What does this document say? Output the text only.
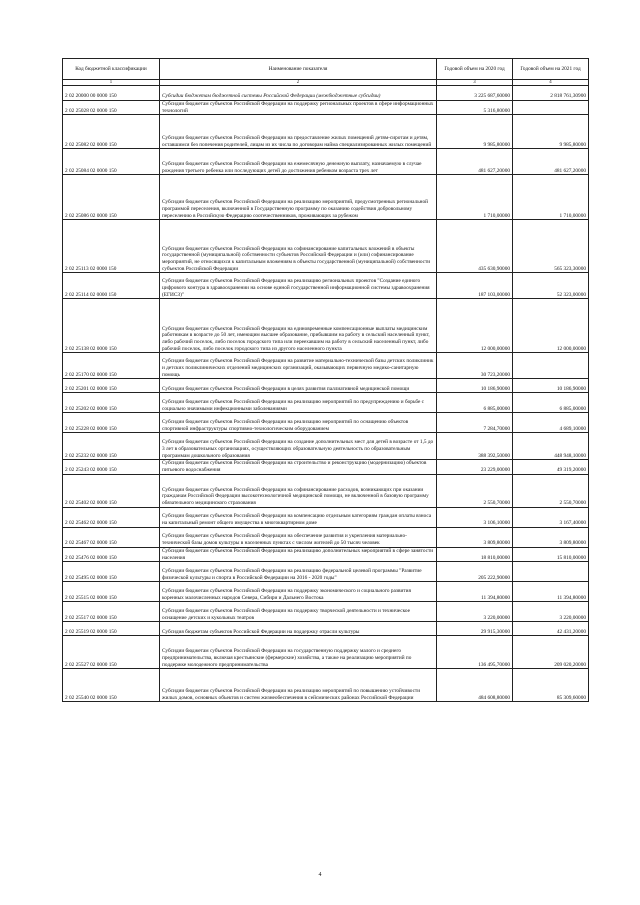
Код бюджетной классификации	Наименование показателя	Годовой объем на 2020 год	Годовой объем на 2021 год
1	2	3	4
2 02 20000 00 0000 150	Субсидии бюджетам бюджетной системы Российской Федерации (межбюджетные субсидии)	3 225 687,60000	2 818 761,30900
2 02 25028 02 0000 150	Субсидии бюджетам субъектов Российской Федерации на поддержку региональных проектов в сфере информационных технологий	5 316,80000	
2 02 25082 02 0000 150	Субсидии бюджетам субъектов Российской Федерации на предоставление жилых помещений детям-сиротам и детям, оставшимся без попечения родителей, лицам из их числа по договорам найма специализированных жилых помещений	9 985,80000	9 985,80000
2 02 25084 02 0000 150	Субсидии бюджетам субъектов Российской Федерации на ежемесячную денежную выплату, назначаемую в случае рождения третьего ребенка или последующих детей до достижения ребенком возраста трех лет	481 627,20000	481 627,20000
2 02 25086 02 0000 150	Субсидии бюджетам субъектов Российской Федерации на реализацию мероприятий, предусмотренных региональной программой переселения, включенной в Государственную программу по оказанию содействия добровольному переселению в Российскую Федерацию соотечественников, проживающих за рубежом	1 710,00000	1 710,00000
2 02 25113 02 0000 150	Субсидии бюджетам субъектов Российской Федерации на софинансирование капитальных вложений в объекты государственной (муниципальной) собственности субъектов Российской Федерации и (или) софинансирование мероприятий, не относящихся к капитальным вложениям в объекты государственной (муниципальной) собственности субъектов Российской Федерации	435 630,90000	565 323,30000
2 02 25114 02 0000 150	Субсидии бюджетам субъектов Российской Федерации на реализацию региональных проектов "Создание единого цифрового контура в здравоохранении на основе единой государственной информационной системы здравоохранения (ЕГИСЗ)"	187 103,00000	52 323,00000
2 02 25138 02 0000 150	Субсидии бюджетам субъектов Российской Федерации на единовременные компенсационные выплаты медицинским работникам в возрасте до 50 лет, имеющим высшее образование, прибывшим на работу в сельский населенный пункт, либо рабочий поселок, либо поселок городского типа или переехавшим на работу в сельский населенный пункт, либо рабочий поселок, либо поселок городского типа из другого населенного пункта	12 000,00000	12 000,00000
2 02 25170 02 0000 150	Субсидии бюджетам субъектов Российской Федерации на развитие материально-технической базы детских поликлиник и детских поликлинических отделений медицинских организаций, оказывающих первичную медико-санитарную помощь	30 723,20000	
2 02 25201 02 0000 150	Субсидии бюджетам субъектов Российской Федерации в целях развития паллиативной медицинской помощи	10 186,90000	10 186,90000
2 02 25202 02 0000 150	Субсидии бюджетам субъектов Российской Федерации на реализацию мероприятий по предупреждению и борьбе с социально значимыми инфекционными заболеваниями	6 885,00000	6 885,00000
2 02 25228 02 0000 150	Субсидии бюджетам субъектов Российской Федерации на реализацию мероприятий по оснащению объектов спортивной инфраструктуры спортивно-технологическим оборудованием	7 284,70000	4 689,10000
2 02 25232 02 0000 150	Субсидии бюджетам субъектов Российской Федерации на создание дополнительных мест для детей в возрасте от 1,5 до 3 лет в образовательных организациях, осуществляющих образовательную деятельность по образовательным программам дошкольного образования	388 392,50000	448 948,10000
2 02 25243 02 0000 150	Субсидии бюджетам субъектов Российской Федерации на строительство и реконструкцию (модернизацию) объектов питьевого водоснабжения	23 229,00000	49 319,20000
2 02 25402 02 0000 150	Субсидии бюджетам субъектов Российской Федерации на софинансирование расходов, возникающих при оказании гражданам Российской Федерации высокотехнологичной медицинской помощи, не включенной в базовую программу обязательного медицинского страхования	2 550,70000	2 550,70000
2 02 25462 02 0000 150	Субсидии бюджетам субъектов Российской Федерации на компенсацию отдельным категориям граждан оплаты взноса на капитальный ремонт общего имущества в многоквартирном доме	3 106,10000	3 167,40000
2 02 25467 02 0000 150	Субсидии бюджетам субъектов Российской Федерации на обеспечение развития и укрепления материально-технической базы домов культуры в населенных пунктах с числом жителей до 50 тысяч человек	3 809,80000	3 809,80000
2 02 25476 02 0000 150	Субсидии бюджетам субъектов Российской Федерации на реализацию дополнительных мероприятий в сфере занятости населения	18 810,00000	15 810,00000
2 02 25495 02 0000 150	Субсидии бюджетам субъектов Российской Федерации на реализацию федеральной целевой программы "Развитие физической культуры и спорта в Российской Федерации на 2016 - 2020 годы"	205 222,90000	
2 02 25515 02 0000 150	Субсидии бюджетам субъектов Российской Федерации на поддержку экономического и социального развития коренных малочисленных народов Севера, Сибири и Дальнего Востока	11 394,80000	11 394,80000
2 02 25517 02 0000 150	Субсидии бюджетам субъектов Российской Федерации на поддержку творческой деятельности и техническое оснащение детских и кукольных театров	3 220,00000	3 220,00000
2 02 25519 02 0000 150	Субсидия бюджетам субъектов Российской Федерации на поддержку отрасли культуры	29 915,30000	42 431,20000
2 02 25527 02 0000 150	Субсидии бюджетам субъектов Российской Федерации на государственную поддержку малого и среднего предпринимательства, включая крестьянские (фермерские) хозяйства, а также на реализацию мероприятий по поддержке молодежного предпринимательства	136 495,70000	209 020,20000
2 02 25540 02 0000 150	Субсидии бюджетам субъектов Российской Федерации на реализацию мероприятий по повышению устойчивости жилых домов, основных объектов и систем жизнеобеспечения в сейсмических районах Российской Федерации	484 608,80000	85 309,60000
4
